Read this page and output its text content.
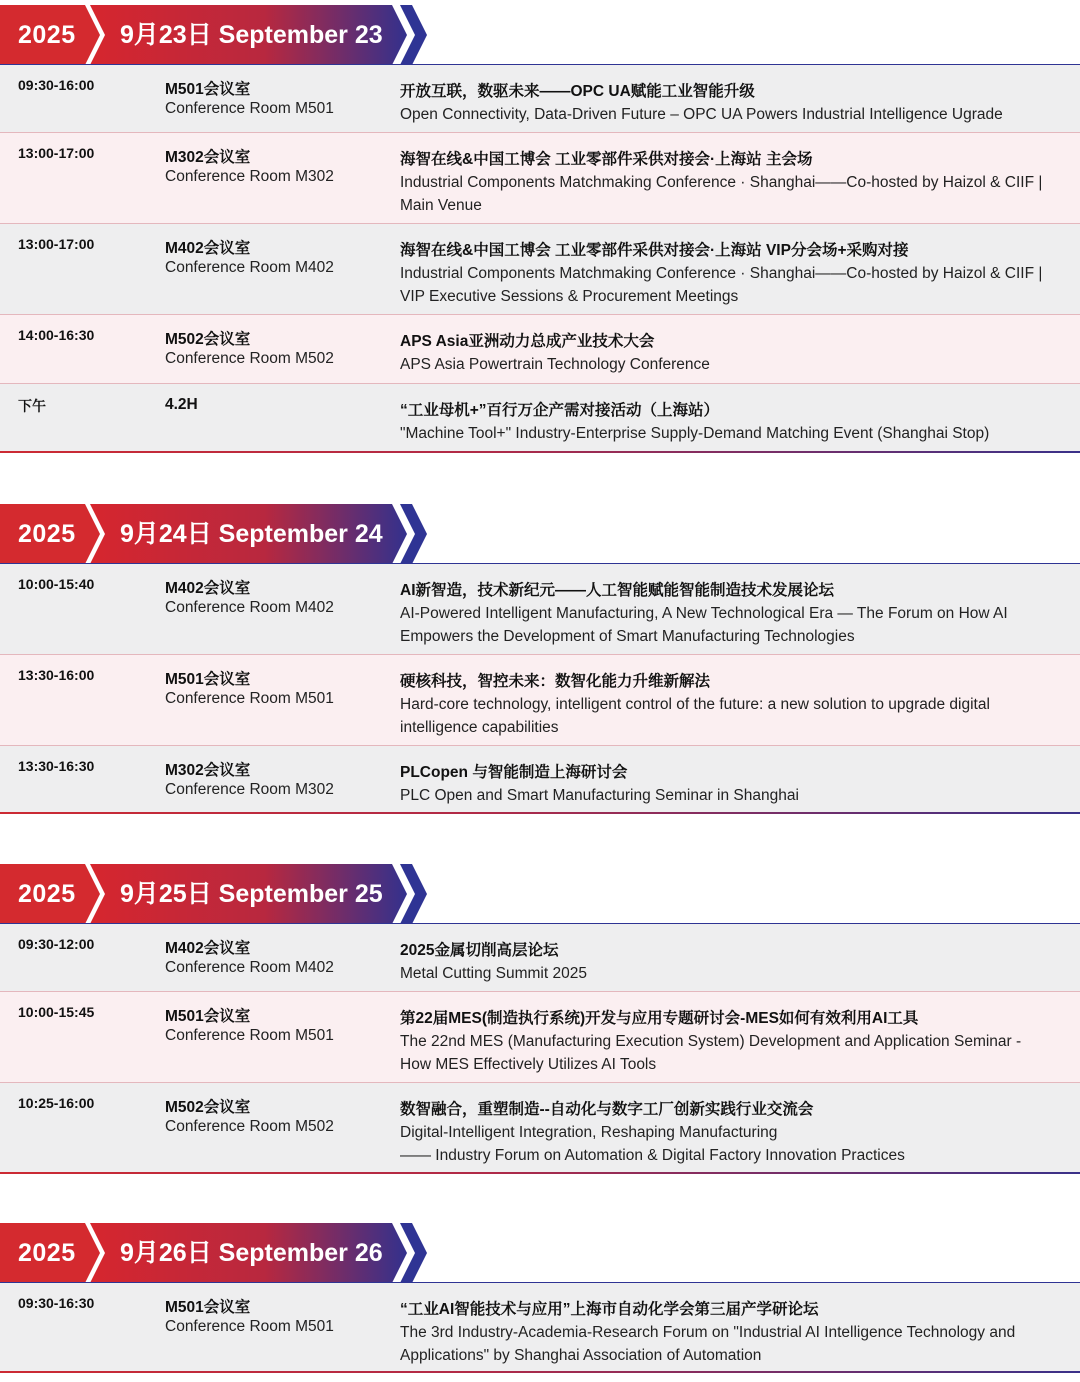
2025 9月23日 September 23
09:30-16:00	M501会议室
Conference Room M501
开放互联，数驱未来——OPC UA赋能工业智能升级
Open Connectivity, Data-Driven Future – OPC UA Powers Industrial Intelligence Ugrade
13:00-17:00	M302会议室
Conference Room M302
海智在线&中国工博会 工业零部件采供对接会·上海站 主会场
Industrial Components Matchmaking Conference · Shanghai——Co-hosted by Haizol & CIIF | Main Venue
13:00-17:00	M402会议室
Conference Room M402
海智在线&中国工博会 工业零部件采供对接会·上海站 VIP分会场+采购对接
Industrial Components Matchmaking Conference · Shanghai——Co-hosted by Haizol & CIIF | VIP Executive Sessions & Procurement Meetings
14:00-16:30	M502会议室
Conference Room M502
APS Asia亚洲动力总成产业技术大会
APS Asia Powertrain Technology Conference
下午	4.2H	“工业母机+”百行万企产需对接活动（上海站）
"Machine Tool+" Industry-Enterprise Supply-Demand Matching Event (Shanghai Stop)
2025 9月24日 September 24
10:00-15:40	M402会议室
Conference Room M402
AI新智造，技术新纪元——人工智能赋能智能制造技术发展论坛
AI-Powered Intelligent Manufacturing, A New Technological Era — The Forum on How AI Empowers the Development of Smart Manufacturing Technologies
13:30-16:00	M501会议室
Conference Room M501
硬核科技，智控未来：数智化能力升维新解法
Hard-core technology, intelligent control of the future: a new solution to upgrade digital intelligence capabilities
13:30-16:30	M302会议室
Conference Room M302
PLCopen 与智能制造上海研讨会
PLC Open and Smart Manufacturing Seminar in Shanghai
2025 9月25日 September 25
09:30-12:00	M402会议室
Conference Room M402
2025金属切削高层论坛
Metal Cutting Summit 2025
10:00-15:45	M501会议室
Conference Room M501
第22届MES(制造执行系统)开发与应用专题研讨会-MES如何有效利用AI工具
The 22nd MES (Manufacturing Execution System) Development and Application Seminar - How MES Effectively Utilizes AI Tools
10:25-16:00	M502会议室
Conference Room M502
数智融合，重塑制造--自动化与数字工厂创新实践行业交流会
Digital-Intelligent Integration, Reshaping Manufacturing
—— Industry Forum on Automation & Digital Factory Innovation Practices
2025 9月26日 September 26
09:30-16:30	M501会议室
Conference Room M501
“工业AI智能技术与应用”上海市自动化学会第三届产学研论坛
The 3rd Industry-Academia-Research Forum on "Industrial AI Intelligence Technology and Applications" by Shanghai Association of Automation
